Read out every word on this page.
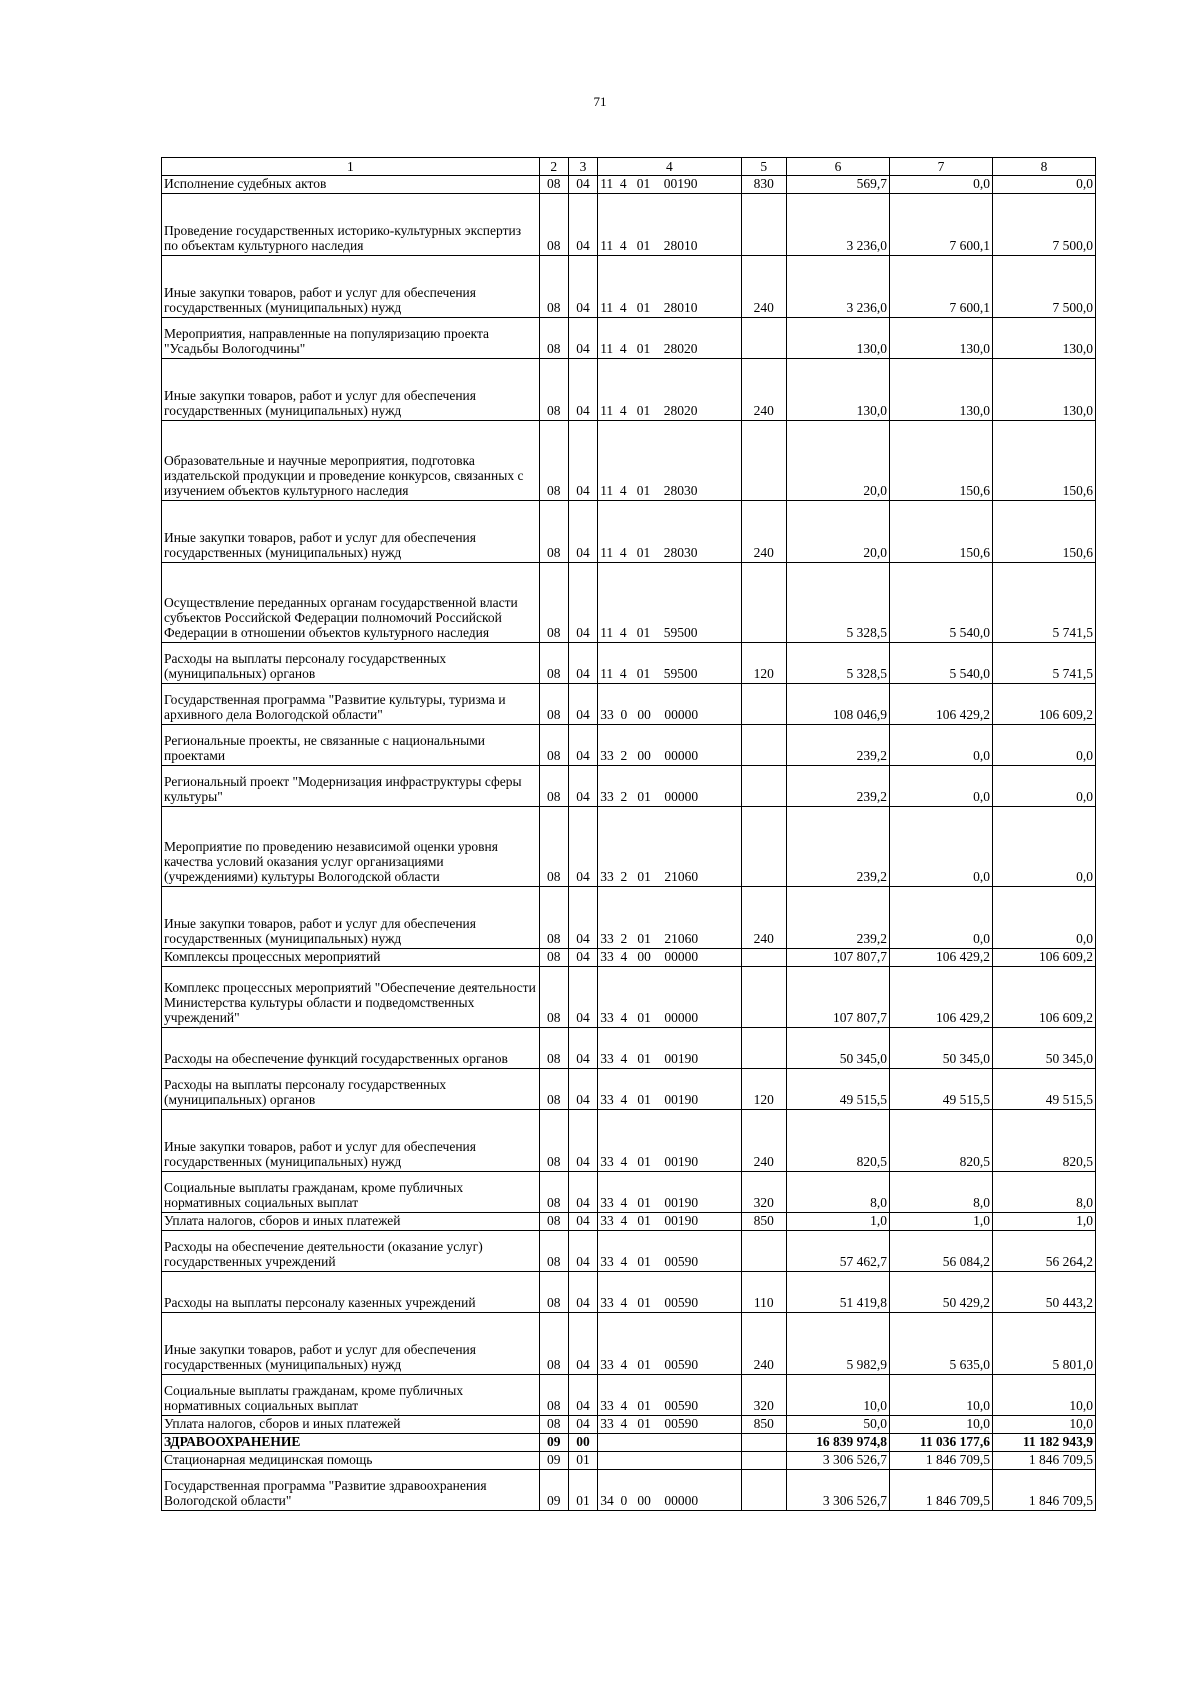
71
1	2	3	4	5	6	7	8
Исполнение судебных актов	08	04	11  4   01    00190	830	569,7	0,0	0,0
Проведение государственных историко-культурных экспертиз по объектам культурного наследия	08	04	11  4   01    28010		3 236,0	7 600,1	7 500,0
Иные закупки товаров, работ и услуг для обеспечения государственных (муниципальных) нужд	08	04	11  4   01    28010	240	3 236,0	7 600,1	7 500,0
Мероприятия, направленные на популяризацию проекта "Усадьбы Вологодчины"	08	04	11  4   01    28020		130,0	130,0	130,0
Иные закупки товаров, работ и услуг для обеспечения государственных (муниципальных) нужд	08	04	11  4   01    28020	240	130,0	130,0	130,0
Образовательные и научные мероприятия, подготовка издательской продукции и проведение конкурсов, связанных с изучением объектов культурного наследия	08	04	11  4   01    28030		20,0	150,6	150,6
Иные закупки товаров, работ и услуг для обеспечения государственных (муниципальных) нужд	08	04	11  4   01    28030	240	20,0	150,6	150,6
Осуществление переданных органам государственной власти субъектов Российской Федерации полномочий Российской Федерации в отношении объектов культурного наследия	08	04	11  4   01    59500		5 328,5	5 540,0	5 741,5
Расходы на выплаты персоналу государственных (муниципальных) органов	08	04	11  4   01    59500	120	5 328,5	5 540,0	5 741,5
Государственная программа "Развитие культуры, туризма и архивного дела Вологодской области"	08	04	33  0   00    00000		108 046,9	106 429,2	106 609,2
Региональные проекты, не связанные с национальными проектами	08	04	33  2   00    00000		239,2	0,0	0,0
Региональный проект "Модернизация инфраструктуры сферы культуры"	08	04	33  2   01    00000		239,2	0,0	0,0
Мероприятие по проведению независимой оценки уровня качества условий оказания услуг организациями (учреждениями) культуры Вологодской области	08	04	33  2   01    21060		239,2	0,0	0,0
Иные закупки товаров, работ и услуг для обеспечения государственных (муниципальных) нужд	08	04	33  2   01    21060	240	239,2	0,0	0,0
Комплексы процессных мероприятий	08	04	33  4   00    00000		107 807,7	106 429,2	106 609,2
Комплекс процессных мероприятий "Обеспечение деятельности Министерства культуры области и подведомственных учреждений"	08	04	33  4   01    00000		107 807,7	106 429,2	106 609,2
Расходы на обеспечение функций государственных органов	08	04	33  4   01    00190		50 345,0	50 345,0	50 345,0
Расходы на выплаты персоналу государственных (муниципальных) органов	08	04	33  4   01    00190	120	49 515,5	49 515,5	49 515,5
Иные закупки товаров, работ и услуг для обеспечения государственных (муниципальных) нужд	08	04	33  4   01    00190	240	820,5	820,5	820,5
Социальные выплаты гражданам, кроме публичных нормативных социальных выплат	08	04	33  4   01    00190	320	8,0	8,0	8,0
Уплата налогов, сборов и иных платежей	08	04	33  4   01    00190	850	1,0	1,0	1,0
Расходы на обеспечение деятельности (оказание услуг) государственных учреждений	08	04	33  4   01    00590		57 462,7	56 084,2	56 264,2
Расходы на выплаты персоналу казенных учреждений	08	04	33  4   01    00590	110	51 419,8	50 429,2	50 443,2
Иные закупки товаров, работ и услуг для обеспечения государственных (муниципальных) нужд	08	04	33  4   01    00590	240	5 982,9	5 635,0	5 801,0
Социальные выплаты гражданам, кроме публичных нормативных социальных выплат	08	04	33  4   01    00590	320	10,0	10,0	10,0
Уплата налогов, сборов и иных платежей	08	04	33  4   01    00590	850	50,0	10,0	10,0
ЗДРАВООХРАНЕНИЕ	09	00			16 839 974,8	11 036 177,6	11 182 943,9
Стационарная медицинская помощь	09	01			3 306 526,7	1 846 709,5	1 846 709,5
Государственная программа "Развитие здравоохранения Вологодской области"	09	01	34  0   00    00000		3 306 526,7	1 846 709,5	1 846 709,5
